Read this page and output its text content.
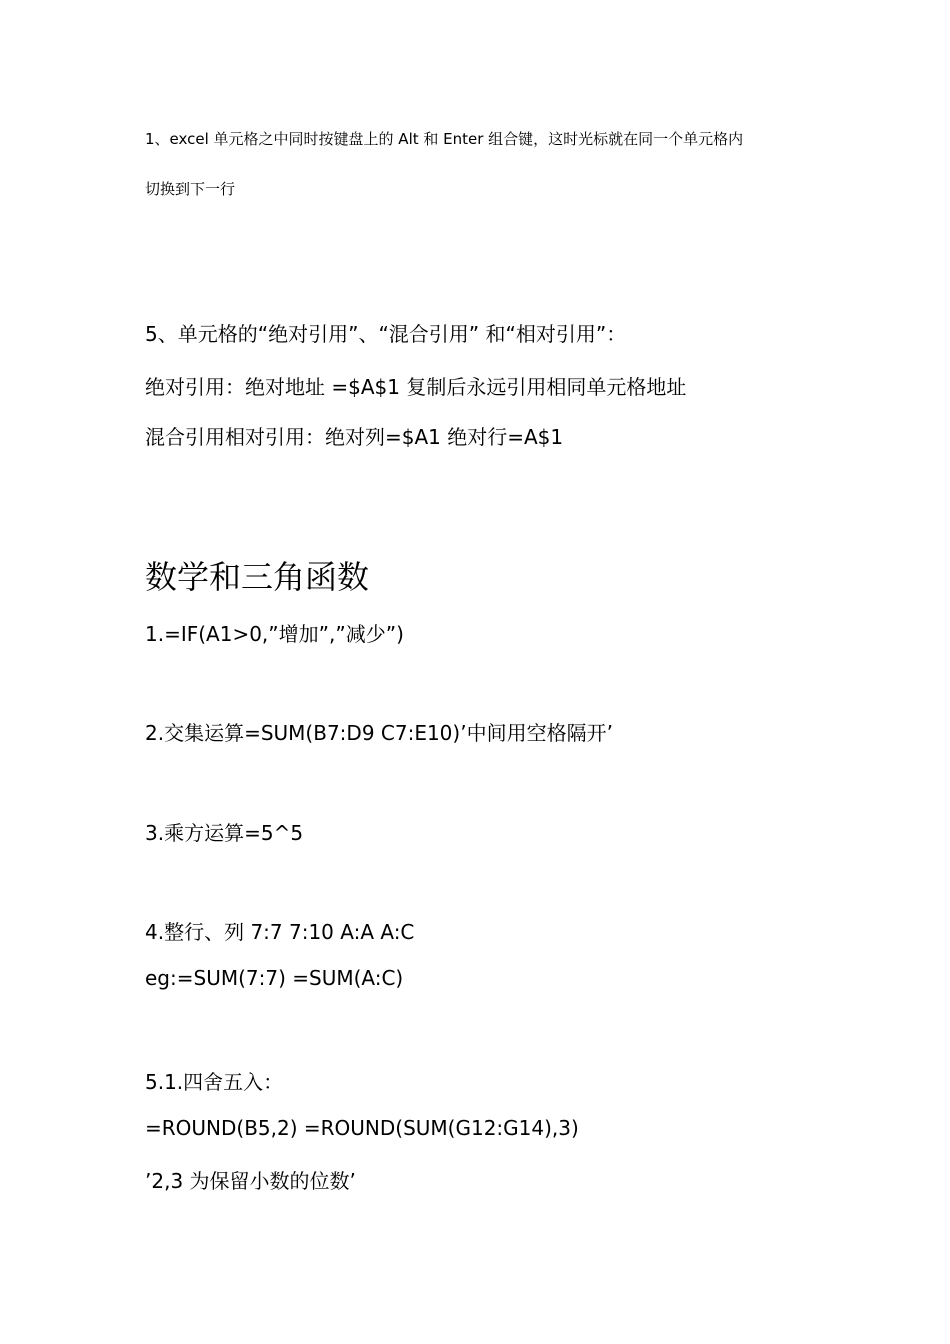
1、excel 单元格之中同时按键盘上的 Alt 和 Enter 组合键，这时光标就在同一个单元格内

切换到下一行

5、单元格的“绝对引用”、“混合引用” 和“相对引用”：

绝对引用：绝对地址 =$A$1 复制后永远引用相同单元格地址

混合引用相对引用：绝对列=$A1 绝对行=A$1

数学和三角函数

1.=IF(A1>0,”增加”,”减少”)

2.交集运算=SUM(B7:D9 C7:E10)’中间用空格隔开’

3.乘方运算=5^5

4.整行、列 7:7 7:10 A:A A:C

eg:=SUM(7:7) =SUM(A:C)

5.1.四舍五入：

=ROUND(B5,2) =ROUND(SUM(G12:G14),3)

’2,3 为保留小数的位数’
